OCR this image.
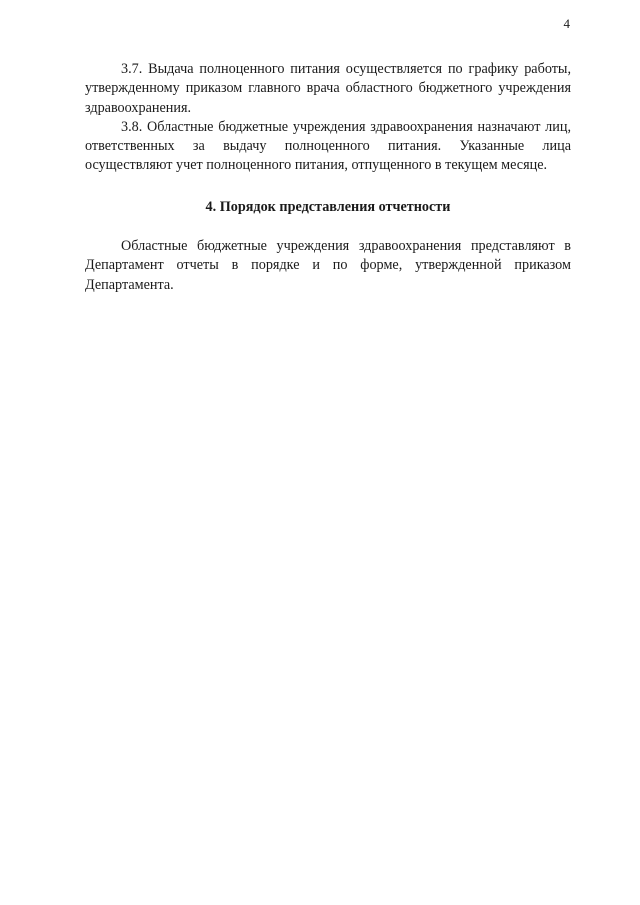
4

3.7. Выдача полноценного питания осуществляется по графику работы, утвержденному приказом главного врача областного бюджетного учреждения здравоохранения.

3.8. Областные бюджетные учреждения здравоохранения назначают лиц, ответственных за выдачу полноценного питания. Указанные лица осуществляют учет полноценного питания, отпущенного в текущем месяце.

4. Порядок представления отчетности

Областные бюджетные учреждения здравоохранения представляют в Департамент отчеты в порядке и по форме, утвержденной приказом Департамента.
